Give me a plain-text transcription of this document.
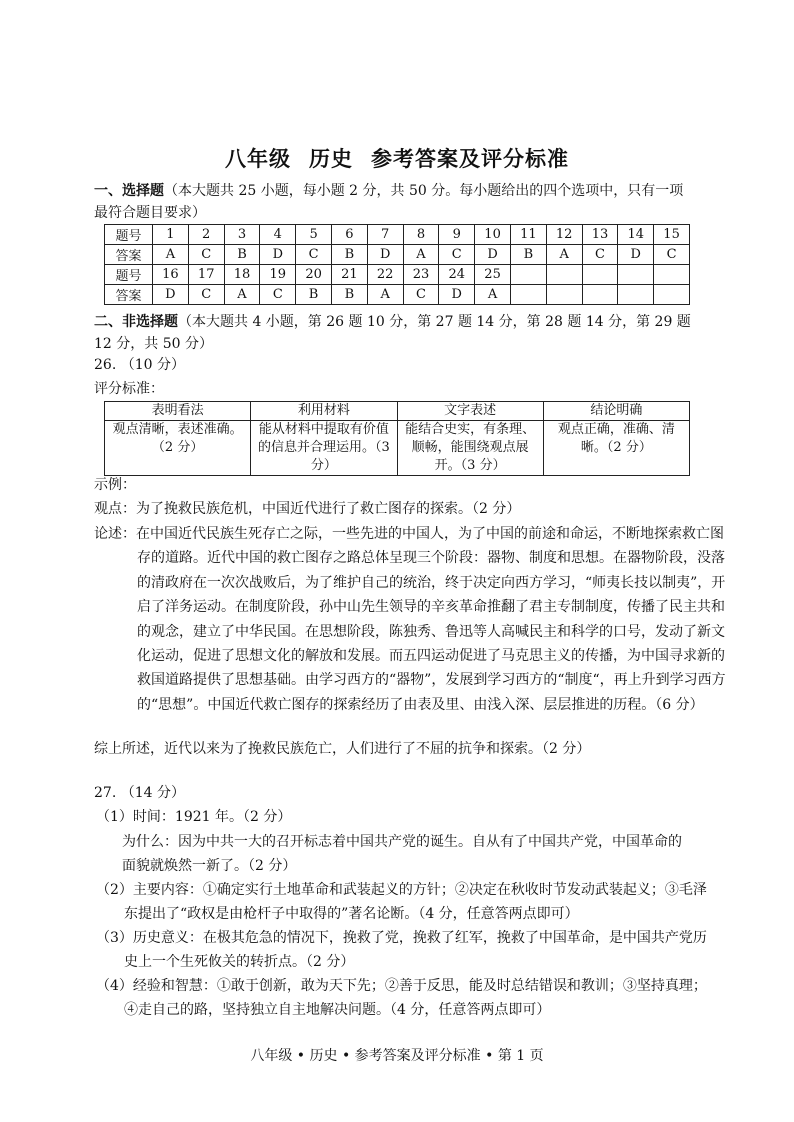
八年级 历史 参考答案及评分标准
一、选择题（本大题共 25 小题，每小题 2 分，共 50 分。每小题给出的四个选项中，只有一项最符合题目要求）
题号	1	2	3	4	5	6	7	8	9	10	11	12	13	14	15
答案	A	C	B	D	C	B	D	A	C	D	B	A	C	D	C
题号	16	17	18	19	20	21	22	23	24	25					
答案	D	C	A	C	B	B	A	C	D	A					
二、非选择题（本大题共 4 小题，第 26 题 10 分，第 27 题 14 分，第 28 题 14 分，第 29 题 12 分，共 50 分）
26. （10 分）
评分标准：
表明看法	利用材料	文字表述	结论明确
观点清晰，表述准确。（2 分）	能从材料中提取有价值的信息并合理运用。（3 分）	能结合史实，有条理、顺畅，能围绕观点展开。（3 分）	观点正确，准确、清晰。（2 分）
示例：
观点：为了挽救民族危机，中国近代进行了救亡图存的探索。（2 分）
论述：在中国近代民族生死存亡之际，一些先进的中国人，为了中国的前途和命运，不断地探索救亡图存的道路。近代中国的救亡图存之路总体呈现三个阶段：器物、制度和思想。在器物阶段，没落的清政府在一次次战败后，为了维护自己的统治，终于决定向西方学习，“师夷长技以制夷”，开启了洋务运动。在制度阶段，孙中山先生领导的辛亥革命推翻了君主专制制度，传播了民主共和的观念，建立了中华民国。在思想阶段，陈独秀、鲁迅等人高喊民主和科学的口号，发动了新文化运动，促进了思想文化的解放和发展。而五四运动促进了马克思主义的传播，为中国寻求新的救国道路提供了思想基础。由学习西方的“器物”，发展到学习西方的“制度“，再上升到学习西方的“思想”。中国近代救亡图存的探索经历了由表及里、由浅入深、层层推进的历程。（6 分）
综上所述，近代以来为了挽救民族危亡，人们进行了不屈的抗争和探索。（2 分）
27. （14 分）
（1）时间：1921 年。（2 分）
为什么：因为中共一大的召开标志着中国共产党的诞生。自从有了中国共产党，中国革命的面貌就焕然一新了。（2 分）
（2）主要内容：①确定实行土地革命和武装起义的方针；②决定在秋收时节发动武装起义；③毛泽东提出了“政权是由枪杆子中取得的”著名论断。（4 分，任意答两点即可）
（3）历史意义：在极其危急的情况下，挽救了党，挽救了红军，挽救了中国革命，是中国共产党历史上一个生死攸关的转折点。（2 分）
（4）经验和智慧：①敢于创新，敢为天下先；②善于反思，能及时总结错误和教训；③坚持真理；④走自己的路，坚持独立自主地解决问题。（4 分，任意答两点即可）
八年级 • 历史 • 参考答案及评分标准 • 第 1 页
